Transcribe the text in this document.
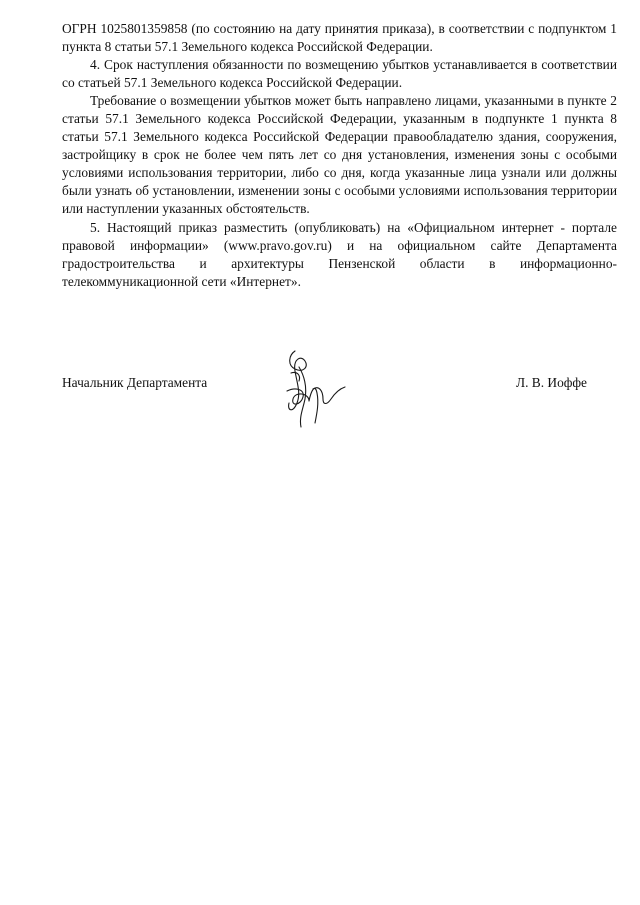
ОГРН 1025801359858 (по состоянию на дату принятия приказа), в соответствии с подпунктом 1 пункта 8 статьи 57.1 Земельного кодекса Российской Федерации.

4. Срок наступления обязанности по возмещению убытков устанавливается в соответствии со статьей 57.1 Земельного кодекса Российской Федерации.

Требование о возмещении убытков может быть направлено лицами, указанными в пункте 2 статьи 57.1 Земельного кодекса Российской Федерации, указанным в подпункте 1 пункта 8 статьи 57.1 Земельного кодекса Российской Федерации правообладателю здания, сооружения, застройщику в срок не более чем пять лет со дня установления, изменения зоны с особыми условиями использования территории, либо со дня, когда указанные лица узнали или должны были узнать об установлении, изменении зоны с особыми условиями использования территории или наступлении указанных обстоятельств.

5. Настоящий приказ разместить (опубликовать) на «Официальном интернет - портале правовой информации» (www.pravo.gov.ru) и на официальном сайте Департамента градостроительства и архитектуры Пензенской области в информационно-телекоммуникационной сети «Интернет».

Начальник Департамента	Л. В. Иоффе
